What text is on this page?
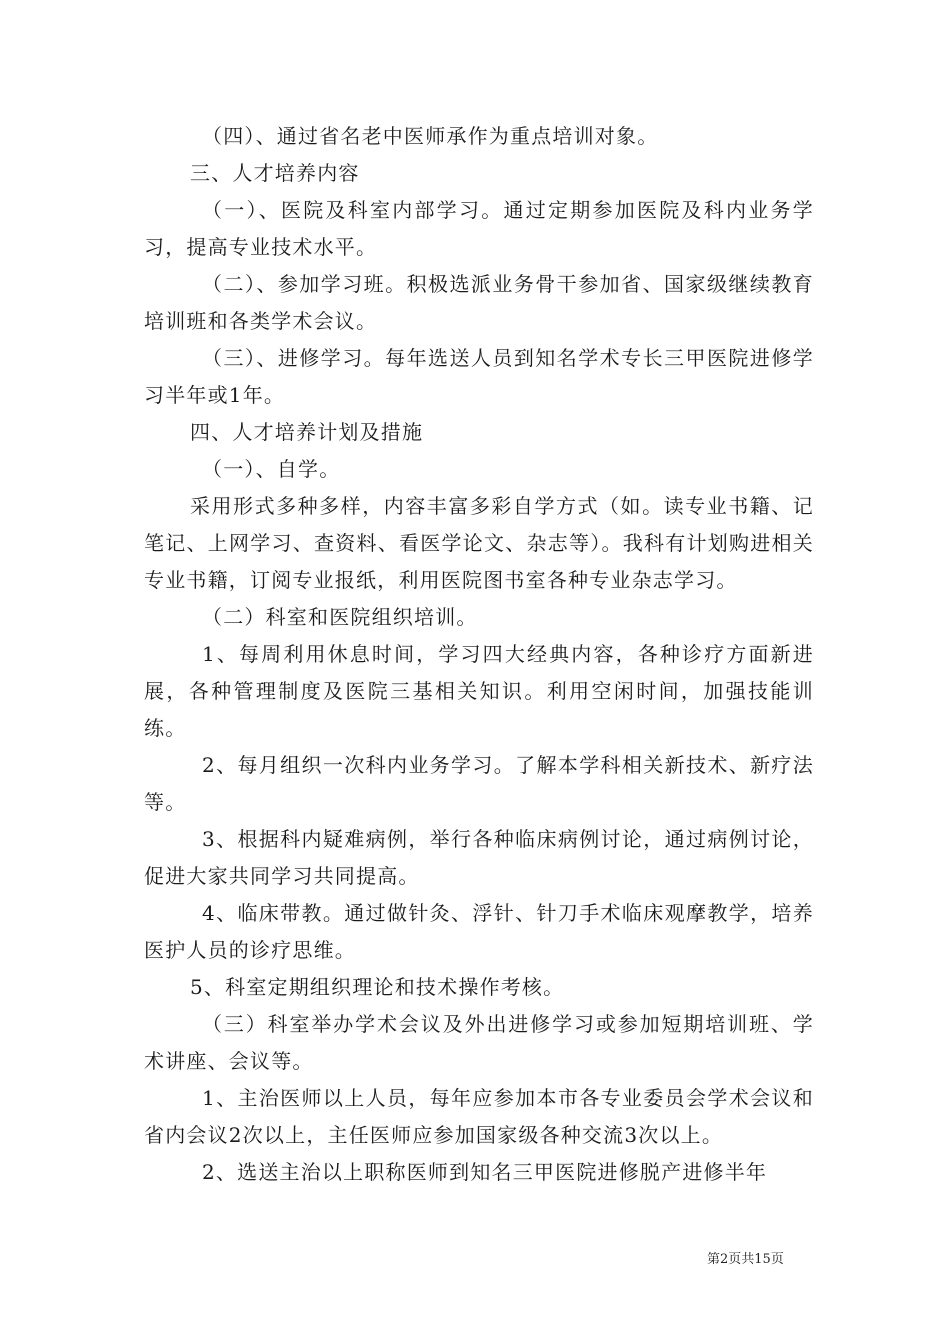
（四）、通过省名老中医师承作为重点培训对象。

三、人才培养内容

（一）、医院及科室内部学习。通过定期参加医院及科内业务学习，提高专业技术水平。

（二）、参加学习班。积极选派业务骨干参加省、国家级继续教育培训班和各类学术会议。

（三）、进修学习。每年选送人员到知名学术专长三甲医院进修学习半年或1年。

四、人才培养计划及措施

（一）、自学。

采用形式多种多样，内容丰富多彩自学方式（如。读专业书籍、记笔记、上网学习、查资料、看医学论文、杂志等）。我科有计划购进相关专业书籍，订阅专业报纸，利用医院图书室各种专业杂志学习。

（二）科室和医院组织培训。

1、每周利用休息时间，学习四大经典内容，各种诊疗方面新进展，各种管理制度及医院三基相关知识。利用空闲时间，加强技能训练。

2、每月组织一次科内业务学习。了解本学科相关新技术、新疗法等。

3、根据科内疑难病例，举行各种临床病例讨论，通过病例讨论，促进大家共同学习共同提高。

4、临床带教。通过做针灸、浮针、针刀手术临床观摩教学，培养医护人员的诊疗思维。

5、科室定期组织理论和技术操作考核。

（三）科室举办学术会议及外出进修学习或参加短期培训班、学术讲座、会议等。

1、主治医师以上人员，每年应参加本市各专业委员会学术会议和省内会议2次以上，主任医师应参加国家级各种交流3次以上。

2、选送主治以上职称医师到知名三甲医院进修脱产进修半年

第2页共15页
